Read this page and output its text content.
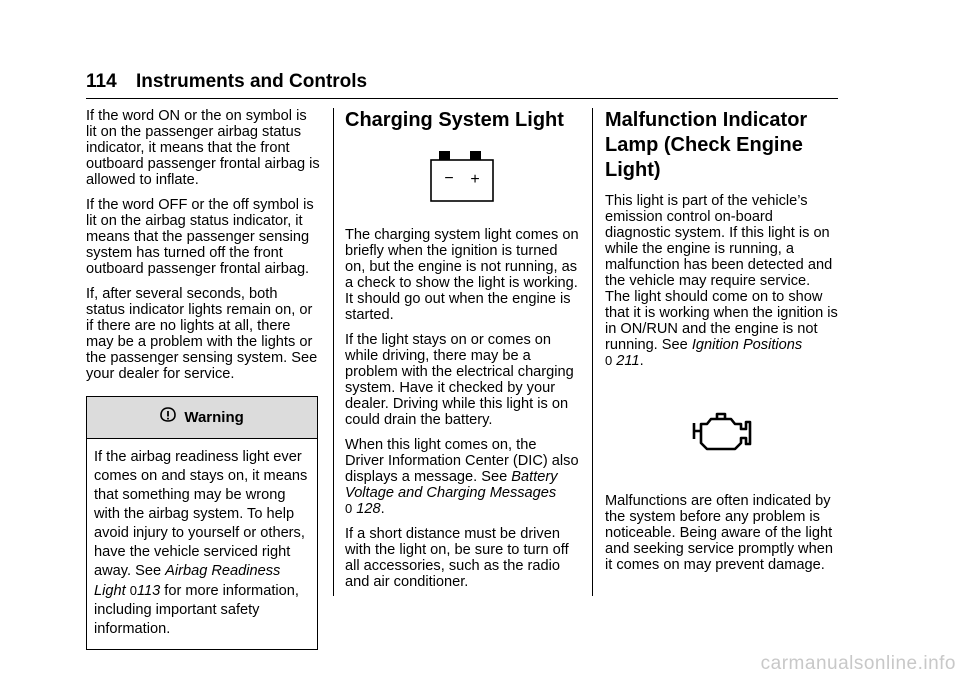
114 Instruments and Controls

If the word ON or the on symbol is lit on the passenger airbag status indicator, it means that the front outboard passenger frontal airbag is allowed to inflate.

If the word OFF or the off symbol is lit on the airbag status indicator, it means that the passenger sensing system has turned off the front outboard passenger frontal airbag.

If, after several seconds, both status indicator lights remain on, or if there are no lights at all, there may be a problem with the lights or the passenger sensing system. See your dealer for service.

Warning
If the airbag readiness light ever comes on and stays on, it means that something may be wrong with the airbag system. To help avoid injury to yourself or others, have the vehicle serviced right away. See Airbag Readiness Light 0113 for more information, including important safety information.
Charging System Light
− +

The charging system light comes on briefly when the ignition is turned on, but the engine is not running, as a check to show the light is working. It should go out when the engine is started.

If the light stays on or comes on while driving, there may be a problem with the electrical charging system. Have it checked by your dealer. Driving while this light is on could drain the battery.

When this light comes on, the Driver Information Center (DIC) also displays a message. See Battery Voltage and Charging Messages
0 128.

If a short distance must be driven with the light on, be sure to turn off all accessories, such as the radio and air conditioner.

Malfunction Indicator Lamp (Check Engine Light)

This light is part of the vehicle’s emission control on-board diagnostic system. If this light is on while the engine is running, a malfunction has been detected and the vehicle may require service. The light should come on to show that it is working when the ignition is in ON/RUN and the engine is not running. See Ignition Positions
0 211.

Malfunctions are often indicated by the system before any problem is noticeable. Being aware of the light and seeking service promptly when it comes on may prevent damage.

carmanualsonline.info
